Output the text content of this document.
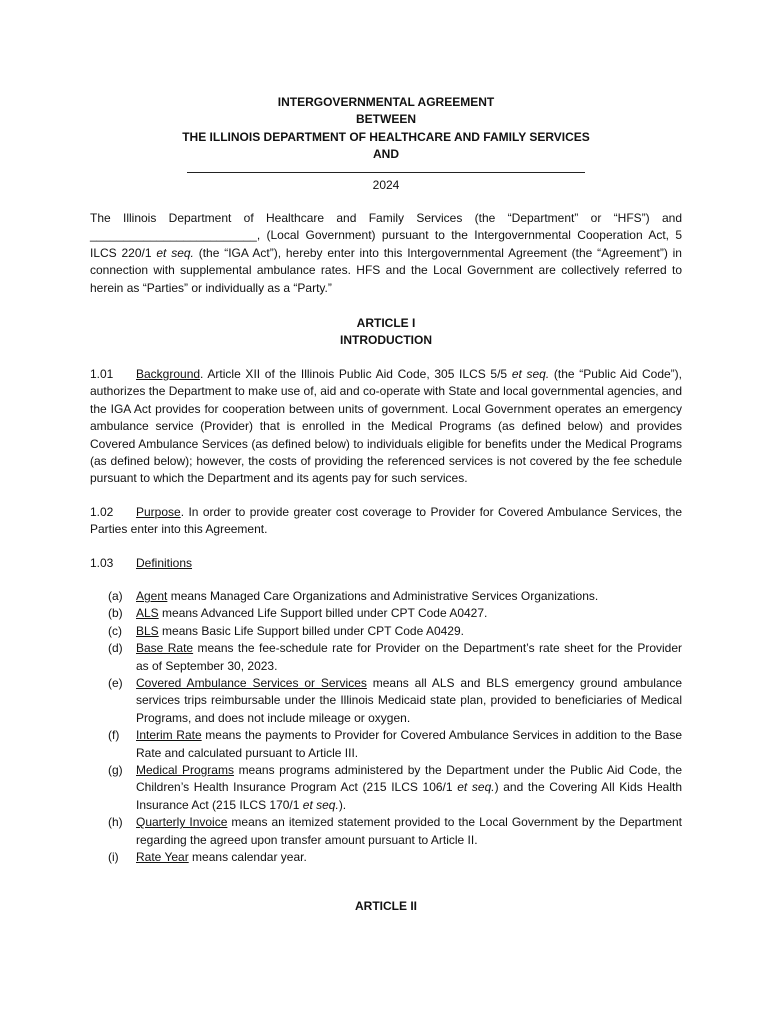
INTERGOVERNMENTAL AGREEMENT

BETWEEN

THE ILLINOIS DEPARTMENT OF HEALTHCARE AND FAMILY SERVICES

AND

2024

The Illinois Department of Healthcare and Family Services (the “Department” or “HFS”) and _________________________, (Local Government) pursuant to the Intergovernmental Cooperation Act, 5 ILCS 220/1 et seq. (the “IGA Act”), hereby enter into this Intergovernmental Agreement (the “Agreement”) in connection with supplemental ambulance rates. HFS and the Local Government are collectively referred to herein as “Parties” or individually as a “Party.”

ARTICLE I

INTRODUCTION

1.01 Background. Article XII of the Illinois Public Aid Code, 305 ILCS 5/5 et seq. (the “Public Aid Code”), authorizes the Department to make use of, aid and co-operate with State and local governmental agencies, and the IGA Act provides for cooperation between units of government. Local Government operates an emergency ambulance service (Provider) that is enrolled in the Medical Programs (as defined below) and provides Covered Ambulance Services (as defined below) to individuals eligible for benefits under the Medical Programs (as defined below); however, the costs of providing the referenced services is not covered by the fee schedule pursuant to which the Department and its agents pay for such services.

1.02 Purpose. In order to provide greater cost coverage to Provider for Covered Ambulance Services, the Parties enter into this Agreement.

1.03 Definitions

(a)	Agent means Managed Care Organizations and Administrative Services Organizations.
(b)	ALS means Advanced Life Support billed under CPT Code A0427.
(c)	BLS means Basic Life Support billed under CPT Code A0429.
(d)	Base Rate means the fee-schedule rate for Provider on the Department’s rate sheet for the Provider as of September 30, 2023.
(e)	Covered Ambulance Services or Services means all ALS and BLS emergency ground ambulance services trips reimbursable under the Illinois Medicaid state plan, provided to beneficiaries of Medical Programs, and does not include mileage or oxygen.
(f)	Interim Rate means the payments to Provider for Covered Ambulance Services in addition to the Base Rate and calculated pursuant to Article III.
(g)	Medical Programs means programs administered by the Department under the Public Aid Code, the Children’s Health Insurance Program Act (215 ILCS 106/1 et seq.) and the Covering All Kids Health Insurance Act (215 ILCS 170/1 et seq.).
(h)	Quarterly Invoice means an itemized statement provided to the Local Government by the Department regarding the agreed upon transfer amount pursuant to Article II.
(i)	Rate Year means calendar year.

ARTICLE II
